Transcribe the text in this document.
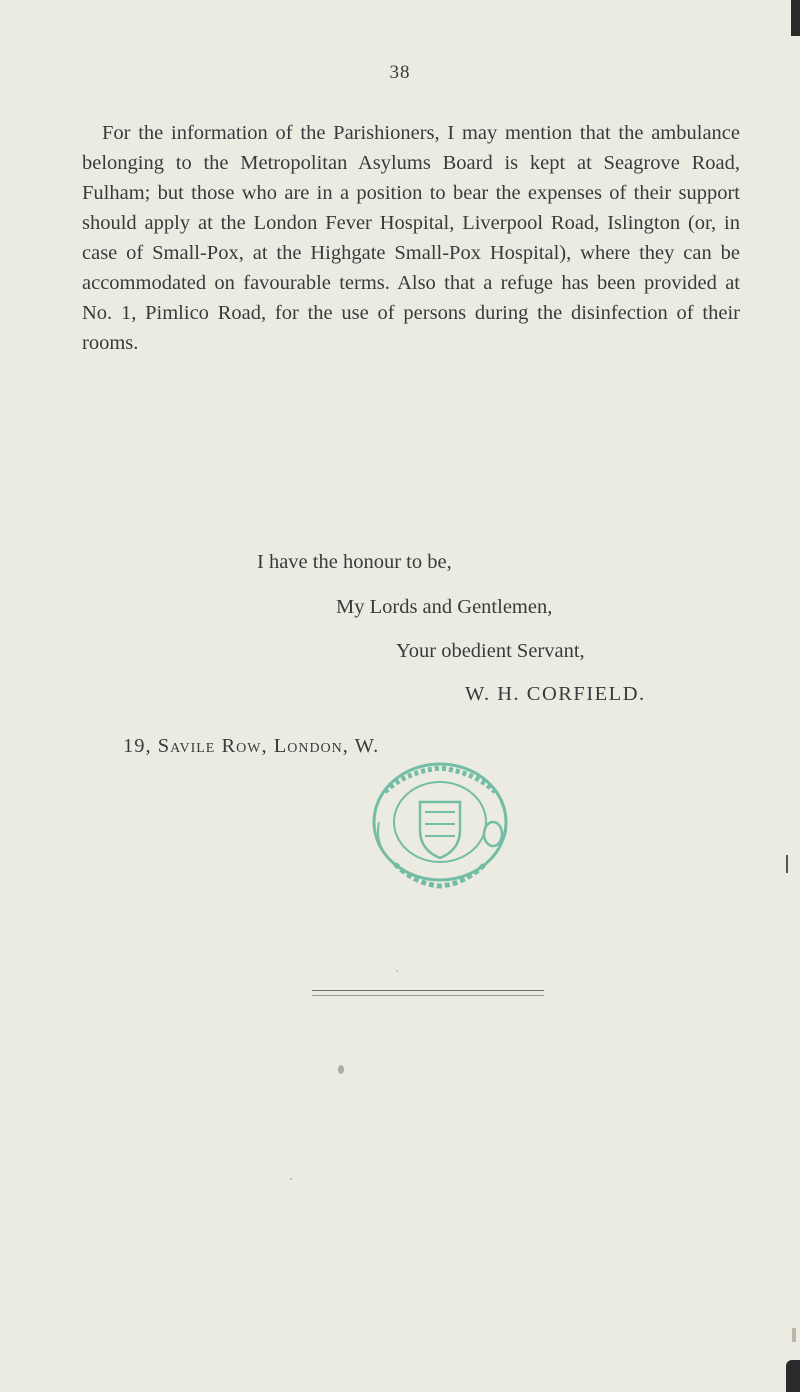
38

For the information of the Parishioners, I may mention that the ambulance belonging to the Metropolitan Asylums Board is kept at Seagrove Road, Fulham; but those who are in a position to bear the expenses of their support should apply at the London Fever Hospital, Liverpool Road, Islington (or, in case of Small-Pox, at the Highgate Small-Pox Hospital), where they can be accommodated on favourable terms. Also that a refuge has been provided at No. 1, Pimlico Road, for the use of persons during the disinfection of their rooms.

I have the honour to be,
My Lords and Gentlemen,
Your obedient Servant,
W. H. CORFIELD.
19, Savile Row, London, W.
